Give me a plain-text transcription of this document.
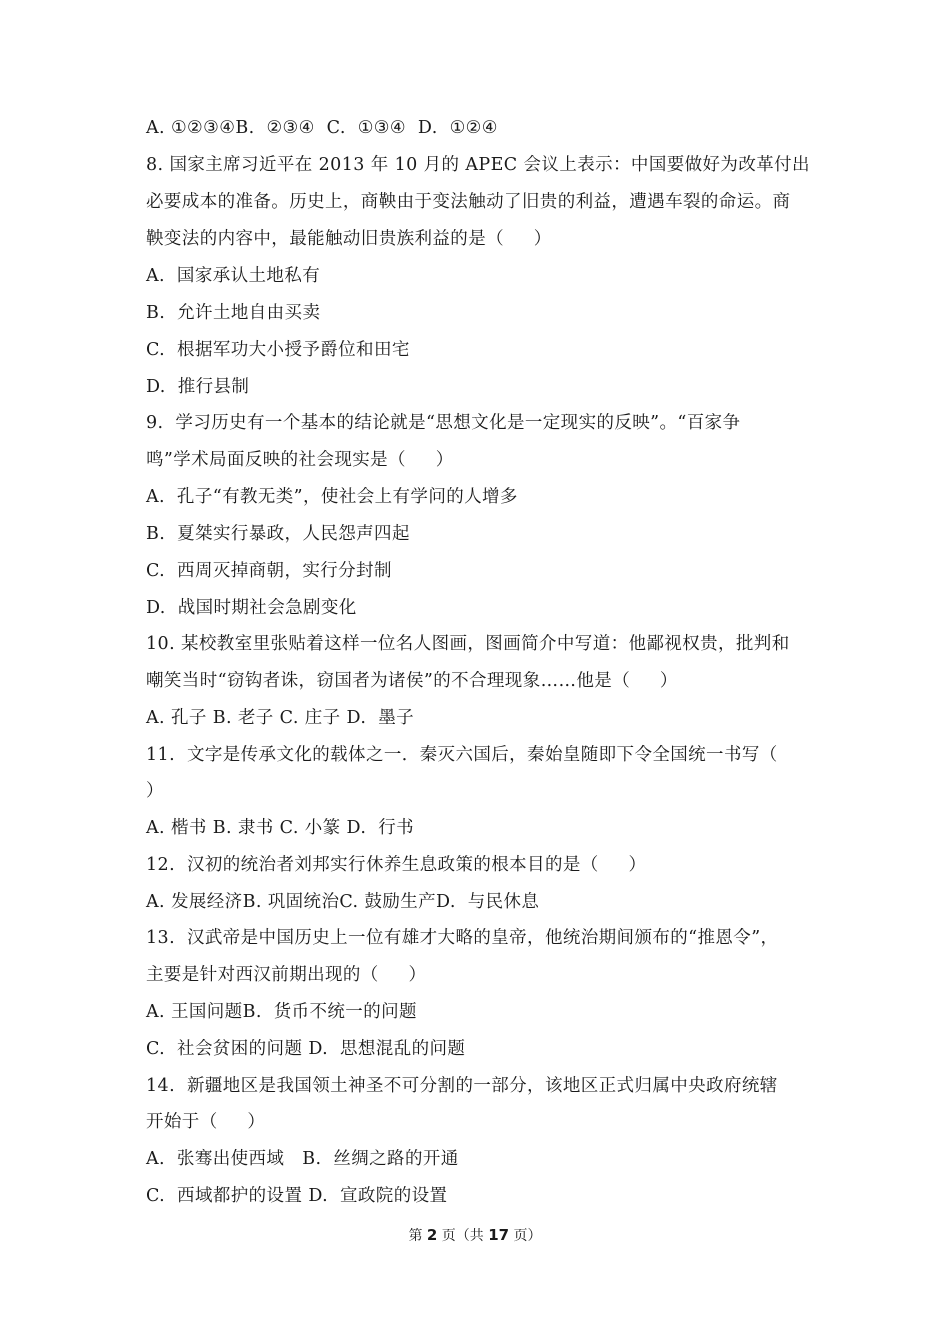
A. ①②③④B.  ②③④  C.  ①③④  D.  ①②④
8. 国家主席习近平在 2013 年 10 月的 APEC 会议上表示：中国要做好为改革付出
必要成本的准备。历史上，商鞅由于变法触动了旧贵的利益，遭遇车裂的命运。商
鞅变法的内容中，最能触动旧贵族利益的是（     ）
A.  国家承认土地私有
B.  允许土地自由买卖
C.  根据军功大小授予爵位和田宅
D.  推行县制
9.  学习历史有一个基本的结论就是“思想文化是一定现实的反映”。“百家争
鸣”学术局面反映的社会现实是（     ）
A.  孔子“有教无类”，使社会上有学问的人增多
B.  夏桀实行暴政，人民怨声四起
C.  西周灭掉商朝，实行分封制
D.  战国时期社会急剧变化
10. 某校教室里张贴着这样一位名人图画，图画简介中写道：他鄙视权贵，批判和
嘲笑当时“窃钩者诛，窃国者为诸侯”的不合理现象……他是（     ）
A. 孔子 B. 老子 C. 庄子 D.  墨子
11.  文字是传承文化的载体之一．秦灭六国后，秦始皇随即下令全国统一书写（
）
A. 楷书 B. 隶书 C. 小篆 D.  行书
12.  汉初的统治者刘邦实行休养生息政策的根本目的是（     ）
A. 发展经济B. 巩固统治C. 鼓励生产D.  与民休息
13.  汉武帝是中国历史上一位有雄才大略的皇帝，他统治期间颁布的“推恩令”，
主要是针对西汉前期出现的（     ）
A. 王国问题B.  货币不统一的问题
C.  社会贫困的问题 D.  思想混乱的问题
14.  新疆地区是我国领土神圣不可分割的一部分，该地区正式归属中央政府统辖
开始于（     ）
A.  张骞出使西域   B.  丝绸之路的开通
C.  西域都护的设置 D.  宣政院的设置
第 2 页（共 17 页）
